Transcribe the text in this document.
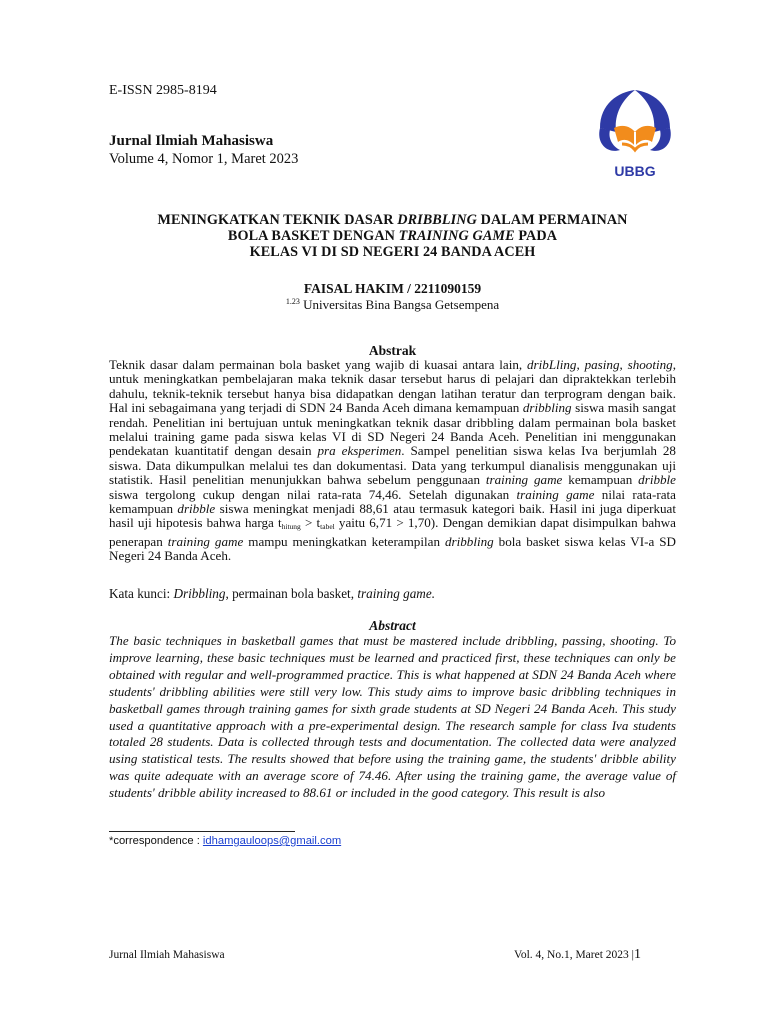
E-ISSN 2985-8194
Jurnal Ilmiah Mahasiswa
Volume 4, Nomor 1, Maret 2023
UBBG
MENINGKATKAN TEKNIK DASAR DRIBBLING DALAM PERMAINAN
BOLA BASKET DENGAN TRAINING GAME PADA
KELAS VI DI SD NEGERI 24 BANDA ACEH
FAISAL HAKIM / 2211090159
$^{1.23}$ Universitas Bina Bangsa Getsempena
Abstrak

Teknik dasar dalam permainan bola basket yang wajib di kuasai antara lain, dribLling, pasing, shooting, untuk meningkatkan pembelajaran maka teknik dasar tersebut harus di pelajari dan dipraktekkan terlebih dahulu, teknik-teknik tersebut hanya bisa didapatkan dengan latihan teratur dan terprogram dengan baik. Hal ini sebagaimana yang terjadi di SDN 24 Banda Aceh dimana kemampuan dribbling siswa masih sangat rendah. Penelitian ini bertujuan untuk meningkatkan teknik dasar dribbling dalam permainan bola basket melalui training game pada siswa kelas VI di SD Negeri 24 Banda Aceh. Penelitian ini menggunakan pendekatan kuantitatif dengan desain pra eksperimen. Sampel penelitian siswa kelas Iva berjumlah 28 siswa. Data dikumpulkan melalui tes dan dokumentasi. Data yang terkumpul dianalisis menggunakan uji statistik. Hasil penelitian menunjukkan bahwa sebelum penggunaan training game kemampuan dribble siswa tergolong cukup dengan nilai rata-rata 74,46. Setelah digunakan training game nilai rata-rata kemampuan dribble siswa meningkat menjadi 88,61 atau termasuk kategori baik. Hasil ini juga diperkuat hasil uji hipotesis bahwa harga $t_{hitung} > t_{tabel}$ yaitu 6,71 > 1,70). Dengan demikian dapat disimpulkan bahwa penerapan training game mampu meningkatkan keterampilan dribbling bola basket siswa kelas VI-a SD Negeri 24 Banda Aceh.

Kata kunci: Dribbling, permainan bola basket, training game.
Abstract
The basic techniques in basketball games that must be mastered include dribbling, passing, shooting. To improve learning, these basic techniques must be learned and practiced first, these techniques can only be obtained with regular and well-programmed practice. This is what happened at SDN 24 Banda Aceh where students' dribbling abilities were still very low. This study aims to improve basic dribbling techniques in basketball games through training games for sixth grade students at SD Negeri 24 Banda Aceh. This study used a quantitative approach with a pre-experimental design. The research sample for class Iva students totaled 28 students. Data is collected through tests and documentation. The collected data were analyzed using statistical tests. The results showed that before using the training game, the students' dribble ability was quite adequate with an average score of 74.46. After using the training game, the average value of students' dribble ability increased to 88.61 or included in the good category. This result is also
*correspondence : idhamgauloops@gmail.com
Jurnal Ilmiah Mahasiswa	Vol. 4, No.1, Maret 2023 |1
